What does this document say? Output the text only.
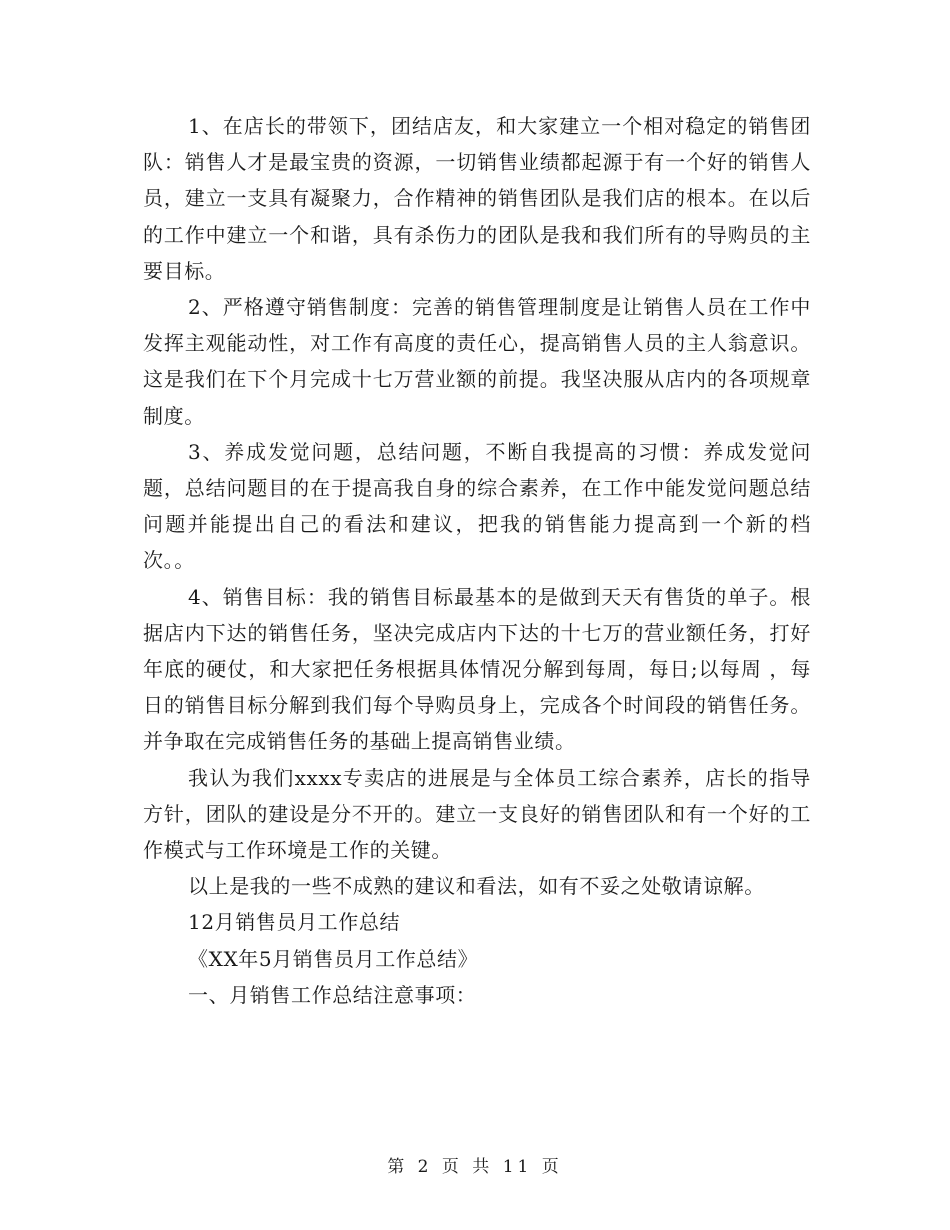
1、在店长的带领下，团结店友，和大家建立一个相对稳定的销售团队：销售人才是最宝贵的资源，一切销售业绩都起源于有一个好的销售人员，建立一支具有凝聚力，合作精神的销售团队是我们店的根本。在以后的工作中建立一个和谐，具有杀伤力的团队是我和我们所有的导购员的主要目标。

2、严格遵守销售制度：完善的销售管理制度是让销售人员在工作中发挥主观能动性，对工作有高度的责任心，提高销售人员的主人翁意识。这是我们在下个月完成十七万营业额的前提。我坚决服从店内的各项规章制度。

3、养成发觉问题，总结问题，不断自我提高的习惯：养成发觉问题，总结问题目的在于提高我自身的综合素养，在工作中能发觉问题总结问题并能提出自己的看法和建议，把我的销售能力提高到一个新的档次。。

4、销售目标：我的销售目标最基本的是做到天天有售货的单子。根据店内下达的销售任务，坚决完成店内下达的十七万的营业额任务，打好年底的硬仗，和大家把任务根据具体情况分解到每周，每日;以每周 ，每日的销售目标分解到我们每个导购员身上，完成各个时间段的销售任务。并争取在完成销售任务的基础上提高销售业绩。

我认为我们xxxx专卖店的进展是与全体员工综合素养，店长的指导方针，团队的建设是分不开的。建立一支良好的销售团队和有一个好的工作模式与工作环境是工作的关键。

以上是我的一些不成熟的建议和看法，如有不妥之处敬请谅解。

12月销售员月工作总结

《XX年5月销售员月工作总结》

一、月销售工作总结注意事项：

第 2 页 共 11 页
